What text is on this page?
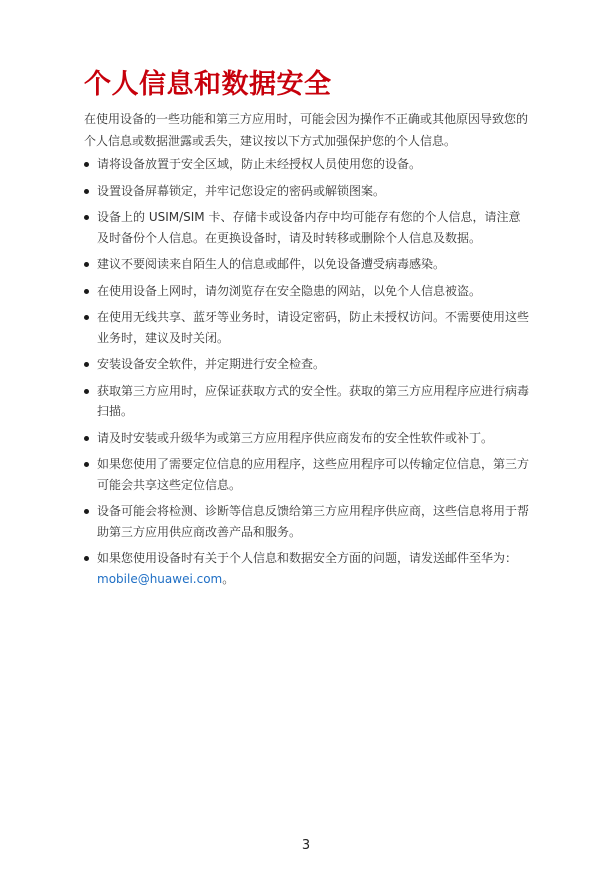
个人信息和数据安全

在使用设备的一些功能和第三方应用时，可能会因为操作不正确或其他原因导致您的个人信息或数据泄露或丢失，建议按以下方式加强保护您的个人信息。

请将设备放置于安全区域，防止未经授权人员使用您的设备。
设置设备屏幕锁定，并牢记您设定的密码或解锁图案。
设备上的 USIM/SIM 卡、存储卡或设备内存中均可能存有您的个人信息，请注意及时备份个人信息。在更换设备时，请及时转移或删除个人信息及数据。
建议不要阅读来自陌生人的信息或邮件，以免设备遭受病毒感染。
在使用设备上网时，请勿浏览存在安全隐患的网站，以免个人信息被盗。
在使用无线共享、蓝牙等业务时，请设定密码，防止未授权访问。不需要使用这些业务时，建议及时关闭。
安装设备安全软件，并定期进行安全检查。
获取第三方应用时，应保证获取方式的安全性。获取的第三方应用程序应进行病毒扫描。
请及时安装或升级华为或第三方应用程序供应商发布的安全性软件或补丁。
如果您使用了需要定位信息的应用程序，这些应用程序可以传输定位信息，第三方可能会共享这些定位信息。
设备可能会将检测、诊断等信息反馈给第三方应用程序供应商，这些信息将用于帮助第三方应用供应商改善产品和服务。
如果您使用设备时有关于个人信息和数据安全方面的问题，请发送邮件至华为：mobile@huawei.com。
3
